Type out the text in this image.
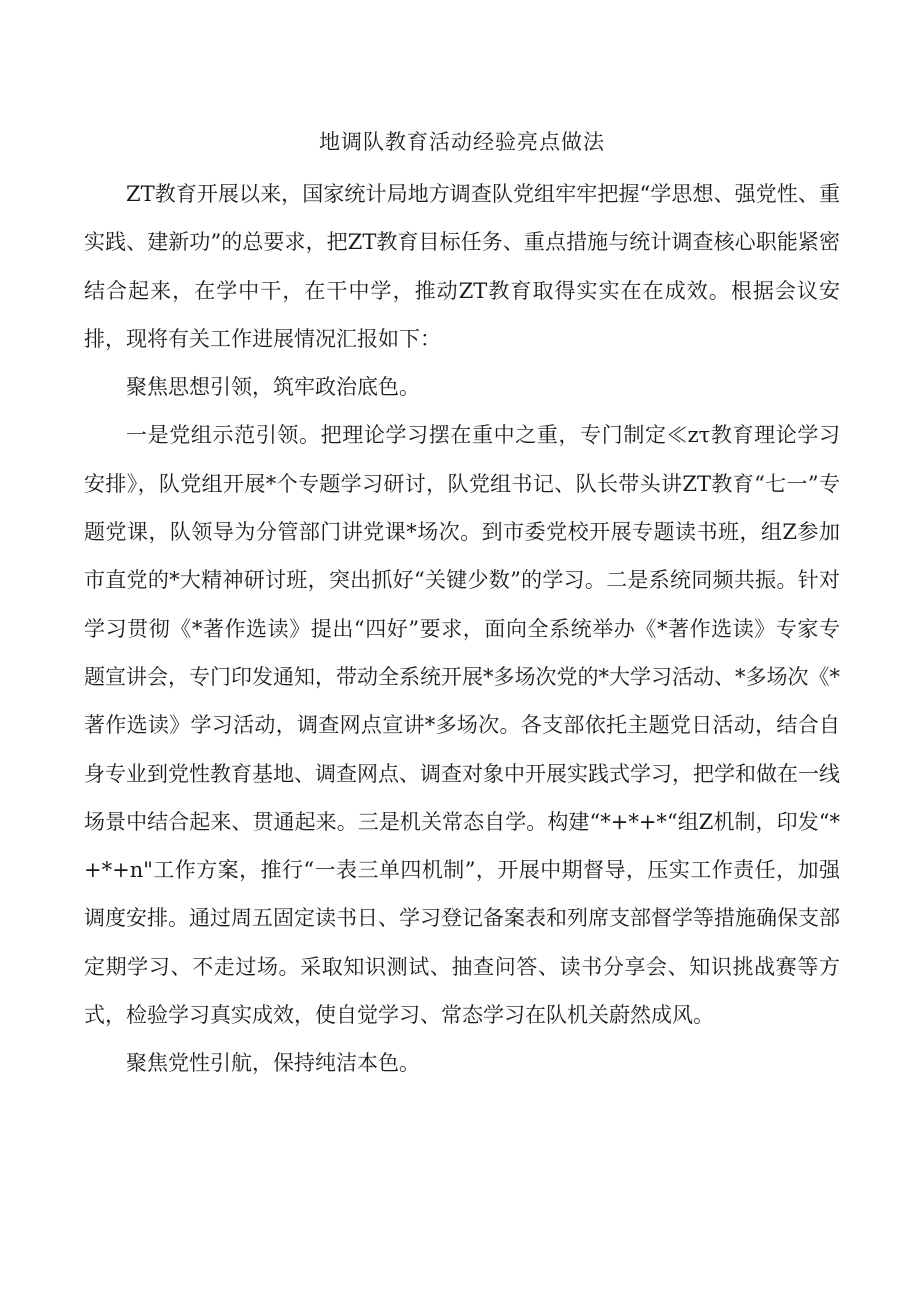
地调队教育活动经验亮点做法

ZT教育开展以来，国家统计局地方调查队党组牢牢把握“学思想、强党性、重实践、建新功”的总要求，把ZT教育目标任务、重点措施与统计调查核心职能紧密结合起来，在学中干，在干中学，推动ZT教育取得实实在在成效。根据会议安排，现将有关工作进展情况汇报如下：

聚焦思想引领，筑牢政治底色。

一是党组示范引领。把理论学习摆在重中之重，专门制定≪zτ教育理论学习安排》，队党组开展*个专题学习研讨，队党组书记、队长带头讲ZT教育“七一”专题党课，队领导为分管部门讲党课*场次。到市委党校开展专题读书班，组Z参加市直党的*大精神研讨班，突出抓好“关键少数”的学习。二是系统同频共振。针对学习贯彻《*著作选读》提出“四好”要求，面向全系统举办《*著作选读》专家专题宣讲会，专门印发通知，带动全系统开展*多场次党的*大学习活动、*多场次《*著作选读》学习活动，调查网点宣讲*多场次。各支部依托主题党日活动，结合自身专业到党性教育基地、调查网点、调查对象中开展实践式学习，把学和做在一线场景中结合起来、贯通起来。三是机关常态自学。构建“*+*+*“组Z机制，印发“*+*+n"工作方案，推行“一表三单四机制”，开展中期督导，压实工作责任，加强调度安排。通过周五固定读书日、学习登记备案表和列席支部督学等措施确保支部定期学习、不走过场。采取知识测试、抽查问答、读书分享会、知识挑战赛等方式，检验学习真实成效，使自觉学习、常态学习在队机关蔚然成风。

聚焦党性引航，保持纯洁本色。
